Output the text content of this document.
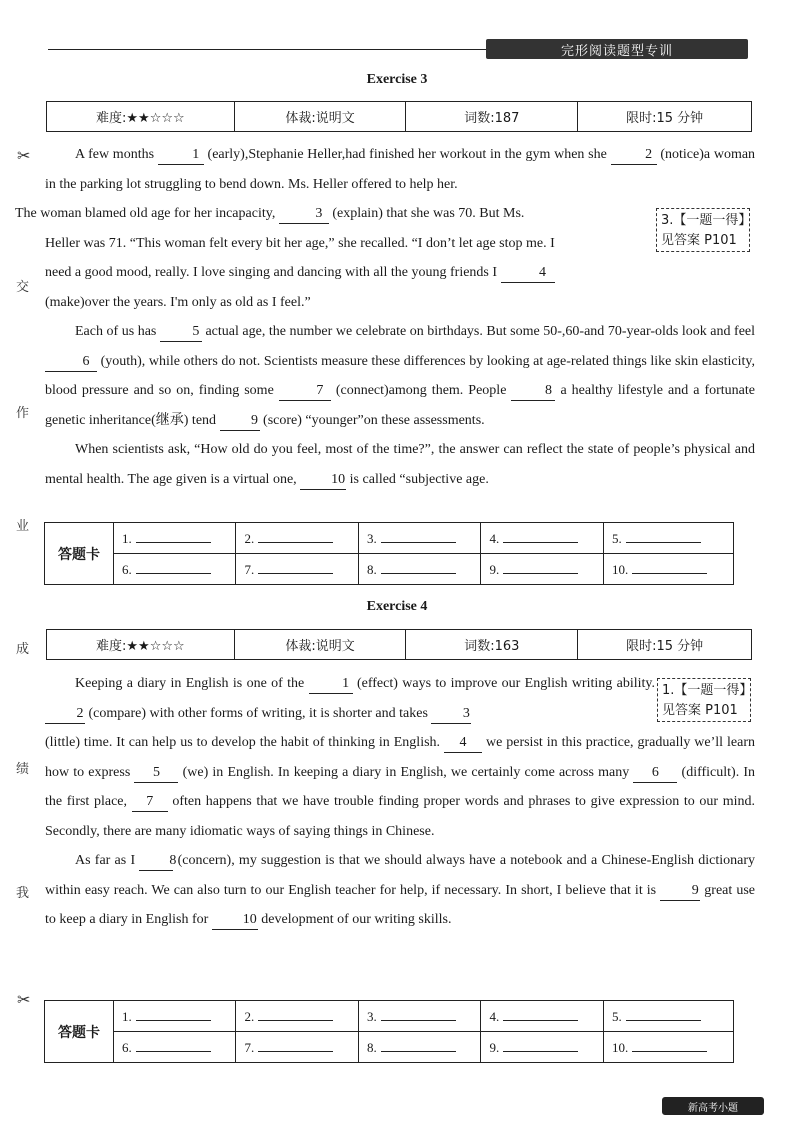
完形阅读题型专训
✂
交
作
业
成
绩
我
✂
Exercise 3
难度:★★☆☆☆	体裁:说明文	词数:187	限时:15 分钟
3.【一题一得】
见答案 P101

A few months	1 (early),Stephanie Heller,had finished her workout in the gym when she	2 (notice)a woman in the parking lot struggling to bend down. Ms. Heller offered to help her.
The woman blamed old age for her incapacity,	3 (explain) that she was 70. But Ms.
Heller was 71. “This woman felt every bit her age,” she recalled. “I don’t let age stop me. I
need a good mood, really. I love singing and dancing with all the young friends I	4
(make)over the years. I'm only as old as I feel.”

Each of us has	5 actual age, the number we celebrate on birthdays. But some 50-,60-and 70-year-olds look and feel 6 (youth), while others do not. Scientists measure these differences by looking at age-related things like skin elasticity, blood pressure and so on, finding some	7 (connect)among them. People	8 a healthy lifestyle and a fortunate genetic inheritance(继承) tend	9 (score) “younger”on these assessments.

When scientists ask, “How old do you feel, most of the time?”, the answer can reflect the state of people’s physical and mental health. The age given is a virtual one, 10 is called “subjective age.

答题卡	1.	2.	3.	4.	5.
	6.	7.	8.	9.	10.
Exercise 4
难度:★★☆☆☆	体裁:说明文	词数:163	限时:15 分钟
1.【一题一得】
见答案 P101

Keeping a diary in English is one of the	1 (effect) ways to improve our English writing ability. 2 (compare) with other forms of writing, it is shorter and takes	3

(little) time. It can help us to develop the habit of thinking in English. 4 we persist in this practice, gradually we’ll learn how to express 5 (we) in English. In keeping a diary in English, we certainly come across many 6 (difficult). In the first place, 7 often happens that we have trouble finding proper words and phrases to give expression to our mind. Secondly, there are many idiomatic ways of saying things in Chinese.

As far as I 8 (concern), my suggestion is that we should always have a notebook and a Chinese-English dictionary within easy reach. We can also turn to our English teacher for help, if necessary. In short, I believe that it is	9 great use to keep a diary in English for 10 development of our writing skills.

答题卡	1.	2.	3.	4.	5.
	6.	7.	8.	9.	10.
新高考小题
